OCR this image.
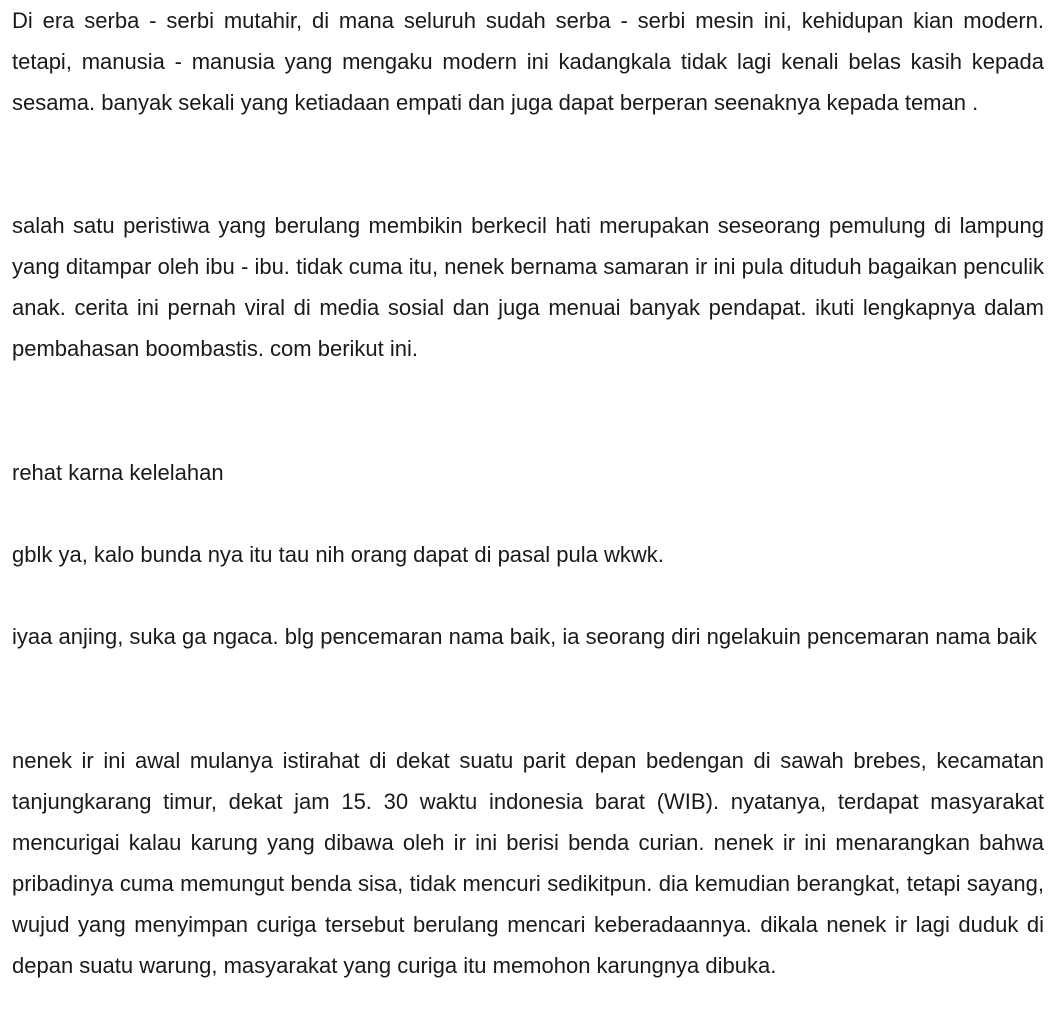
Di era serba - serbi mutahir, di mana seluruh sudah serba - serbi mesin ini, kehidupan kian modern. tetapi, manusia - manusia yang mengaku modern ini kadangkala tidak lagi kenali belas kasih kepada sesama. banyak sekali yang ketiadaan empati dan juga dapat berperan seenaknya kepada teman .

salah satu peristiwa yang berulang membikin berkecil hati merupakan seseorang pemulung di lampung yang ditampar oleh ibu - ibu. tidak cuma itu, nenek bernama samaran ir ini pula dituduh bagaikan penculik anak. cerita ini pernah viral di media sosial dan juga menuai banyak pendapat. ikuti lengkapnya dalam pembahasan boombastis. com berikut ini.

rehat karna kelelahan

gblk ya, kalo bunda nya itu tau nih orang dapat di pasal pula wkwk.

iyaa anjing, suka ga ngaca. blg pencemaran nama baik, ia seorang diri ngelakuin pencemaran nama baik

nenek ir ini awal mulanya istirahat di dekat suatu parit depan bedengan di sawah brebes, kecamatan tanjungkarang timur, dekat jam 15. 30 waktu indonesia barat (WIB). nyatanya, terdapat masyarakat mencurigai kalau karung yang dibawa oleh ir ini berisi benda curian. nenek ir ini menarangkan bahwa pribadinya cuma memungut benda sisa, tidak mencuri sedikitpun. dia kemudian berangkat, tetapi sayang, wujud yang menyimpan curiga tersebut berulang mencari keberadaannya. dikala nenek ir lagi duduk di depan suatu warung, masyarakat yang curiga itu memohon karungnya dibuka.
